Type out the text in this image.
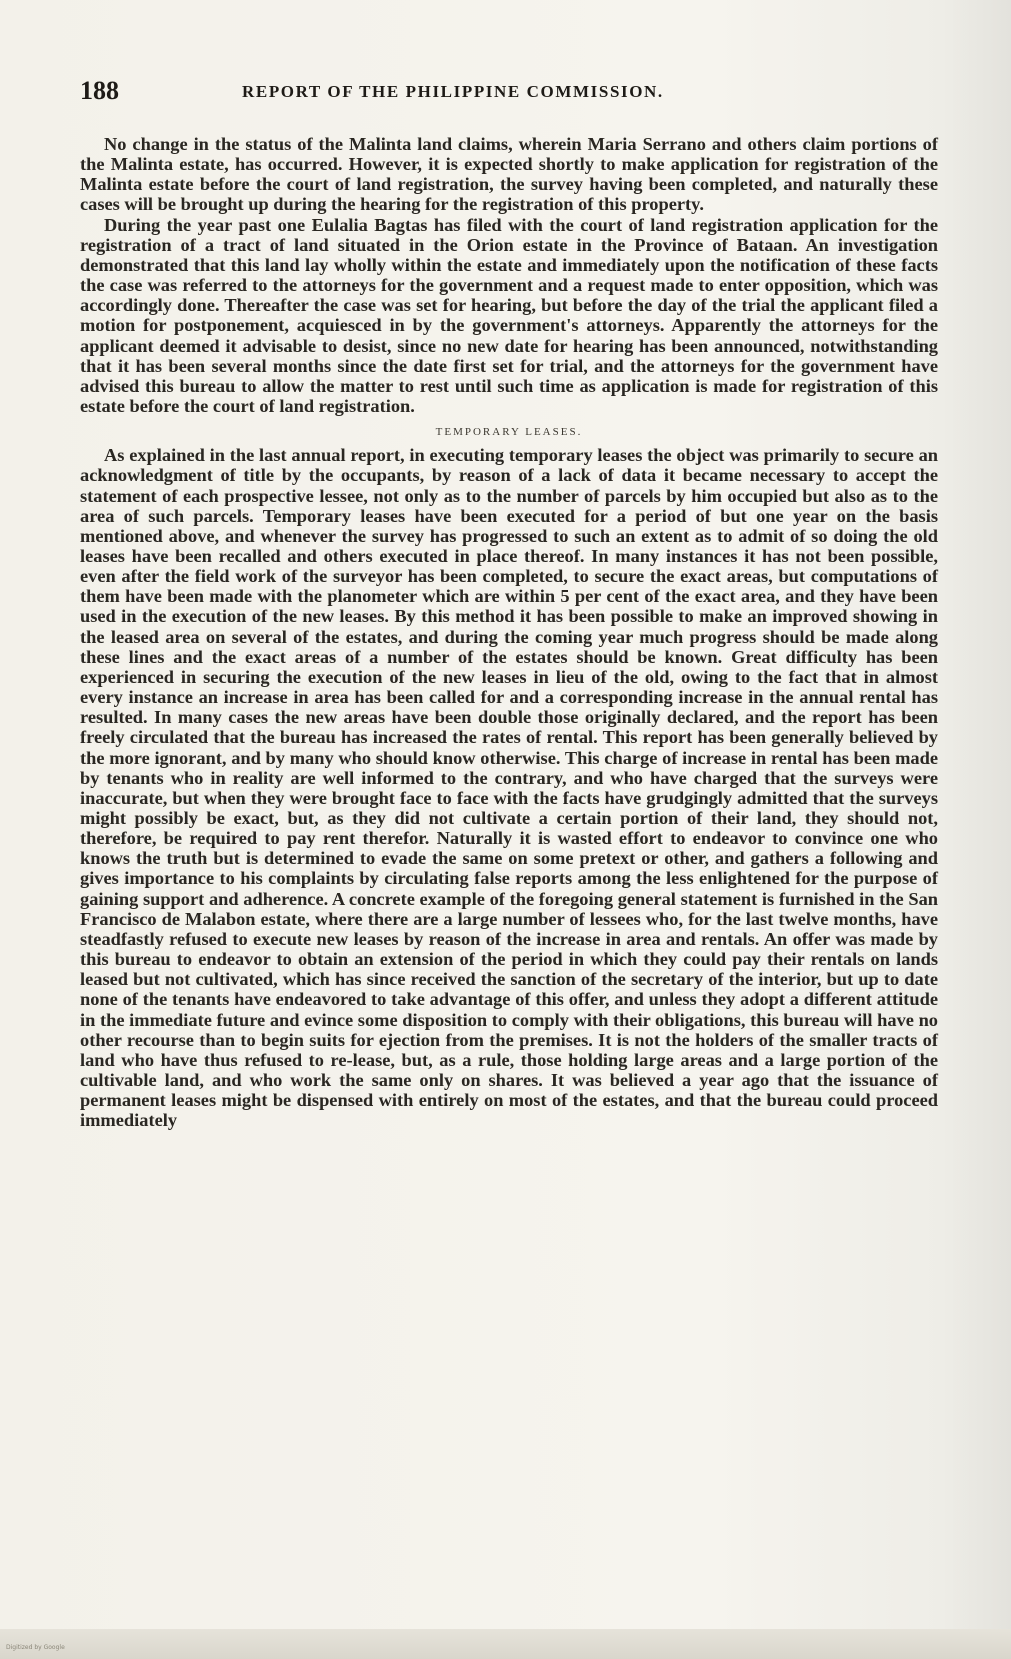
188	REPORT OF THE PHILIPPINE COMMISSION.

No change in the status of the Malinta land claims, wherein Maria Serrano and others claim portions of the Malinta estate, has occurred. However, it is expected shortly to make application for registration of the Malinta estate before the court of land registration, the survey having been completed, and naturally these cases will be brought up during the hearing for the registration of this property.

During the year past one Eulalia Bagtas has filed with the court of land registration application for the registration of a tract of land situated in the Orion estate in the Province of Bataan. An investigation demonstrated that this land lay wholly within the estate and immediately upon the notification of these facts the case was referred to the attorneys for the government and a request made to enter opposition, which was accordingly done. Thereafter the case was set for hearing, but before the day of the trial the applicant filed a motion for postponement, acquiesced in by the government's attorneys. Apparently the attorneys for the applicant deemed it advisable to desist, since no new date for hearing has been announced, notwithstanding that it has been several months since the date first set for trial, and the attorneys for the government have advised this bureau to allow the matter to rest until such time as application is made for registration of this estate before the court of land registration.

TEMPORARY LEASES.

As explained in the last annual report, in executing temporary leases the object was primarily to secure an acknowledgment of title by the occupants, by reason of a lack of data it became necessary to accept the statement of each prospective lessee, not only as to the number of parcels by him occupied but also as to the area of such parcels. Temporary leases have been executed for a period of but one year on the basis mentioned above, and whenever the survey has progressed to such an extent as to admit of so doing the old leases have been recalled and others executed in place thereof. In many instances it has not been possible, even after the field work of the surveyor has been completed, to secure the exact areas, but computations of them have been made with the planometer which are within 5 per cent of the exact area, and they have been used in the execution of the new leases. By this method it has been possible to make an improved showing in the leased area on several of the estates, and during the coming year much progress should be made along these lines and the exact areas of a number of the estates should be known. Great difficulty has been experienced in securing the execution of the new leases in lieu of the old, owing to the fact that in almost every instance an increase in area has been called for and a corresponding increase in the annual rental has resulted. In many cases the new areas have been double those originally declared, and the report has been freely circulated that the bureau has increased the rates of rental. This report has been generally believed by the more ignorant, and by many who should know otherwise. This charge of increase in rental has been made by tenants who in reality are well informed to the contrary, and who have charged that the surveys were inaccurate, but when they were brought face to face with the facts have grudgingly admitted that the surveys might possibly be exact, but, as they did not cultivate a certain portion of their land, they should not, therefore, be required to pay rent therefor. Naturally it is wasted effort to endeavor to convince one who knows the truth but is determined to evade the same on some pretext or other, and gathers a following and gives importance to his complaints by circulating false reports among the less enlightened for the purpose of gaining support and adherence. A concrete example of the foregoing general statement is furnished in the San Francisco de Malabon estate, where there are a large number of lessees who, for the last twelve months, have steadfastly refused to execute new leases by reason of the increase in area and rentals. An offer was made by this bureau to endeavor to obtain an extension of the period in which they could pay their rentals on lands leased but not cultivated, which has since received the sanction of the secretary of the interior, but up to date none of the tenants have endeavored to take advantage of this offer, and unless they adopt a different attitude in the immediate future and evince some disposition to comply with their obligations, this bureau will have no other recourse than to begin suits for ejection from the premises. It is not the holders of the smaller tracts of land who have thus refused to re-lease, but, as a rule, those holding large areas and a large portion of the cultivable land, and who work the same only on shares. It was believed a year ago that the issuance of permanent leases might be dispensed with entirely on most of the estates, and that the bureau could proceed immediately

Digitized by Google
